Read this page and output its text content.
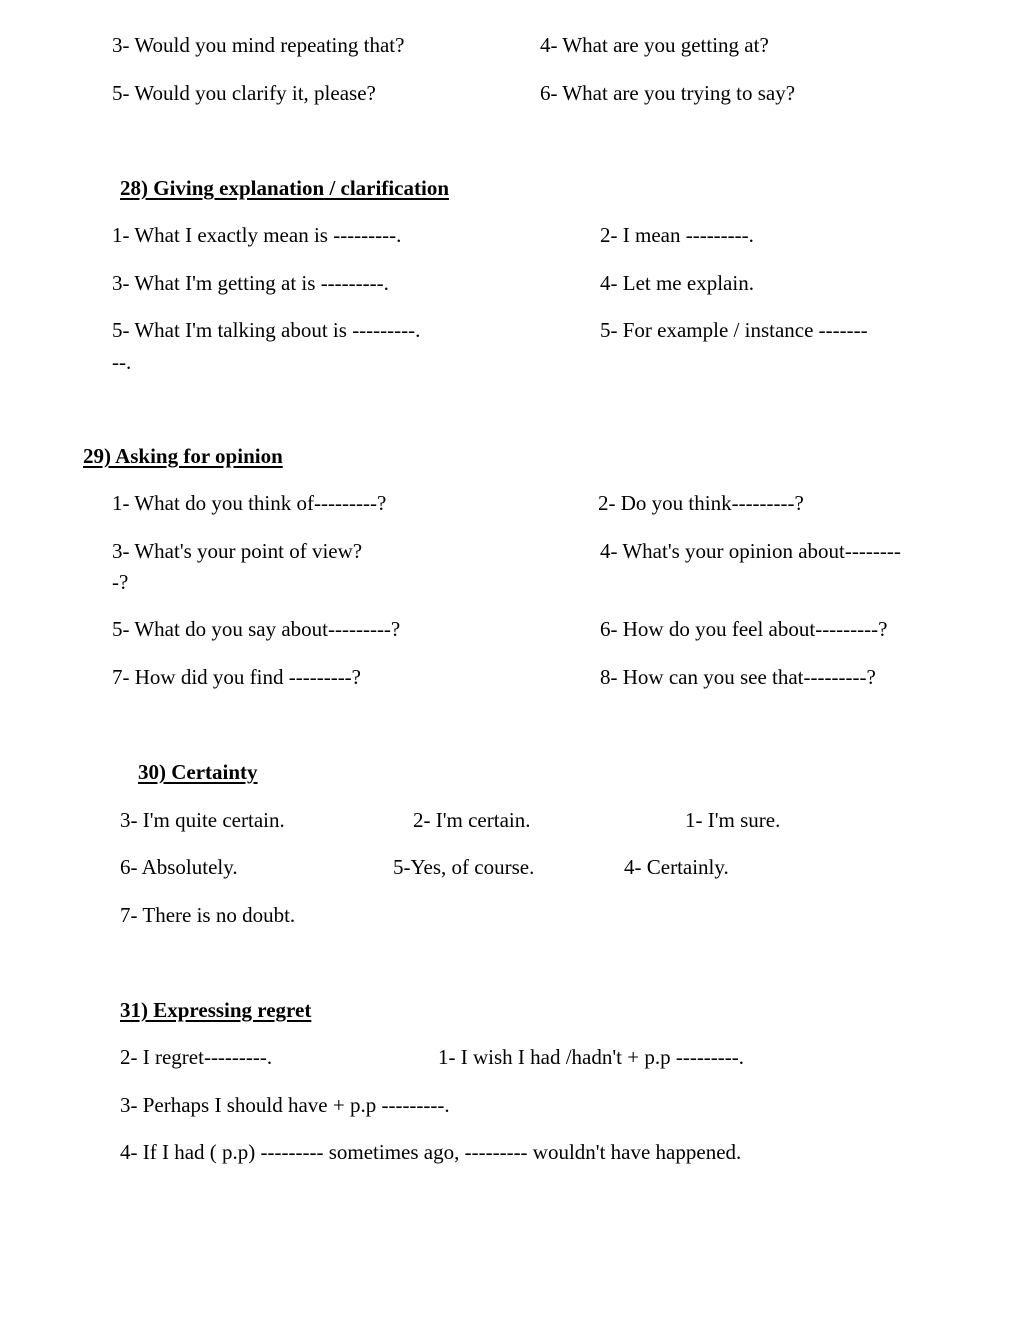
3- Would you mind repeating that?	4- What are you getting at?
5- Would you clarify it, please?	6- What are you trying to say?
28) Giving explanation / clarification
1- What I exactly mean is ---------.	2- I mean ---------.
3- What I'm getting at is ---------.	4- Let me explain.
5- What I'm talking about is ---------.	5- For example / instance -------
--.
29) Asking for opinion
1- What do you think of---------?	2- Do you think---------?
3- What's your point of view?	4- What's your opinion about--------
-?
5- What do you say about---------?	6- How do you feel about---------?
7- How did you find ---------?	8- How can you see that---------?
30) Certainty
3- I'm quite certain.	2- I'm certain.	1- I'm sure.
6- Absolutely.	5-Yes, of course.	4- Certainly.
7- There is no doubt.
31) Expressing regret
2- I regret---------.	1- I wish I had /hadn't + p.p ---------.
3- Perhaps I should have + p.p ---------.
4- If I had ( p.p) --------- sometimes ago, --------- wouldn't have happened.
